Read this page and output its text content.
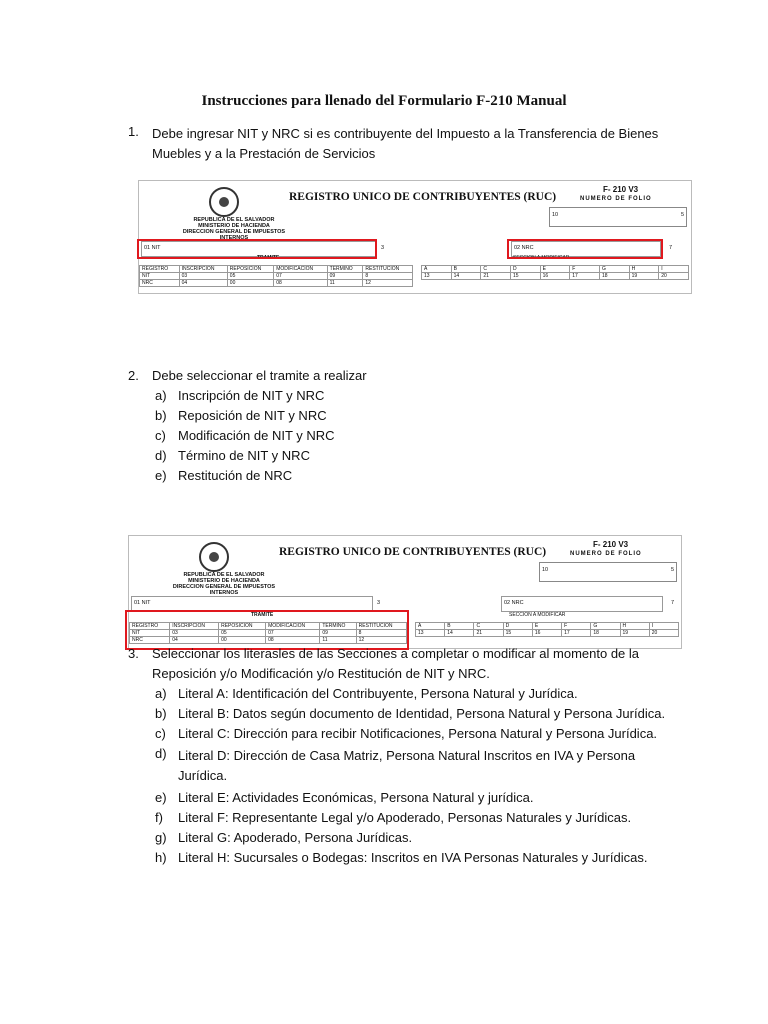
Instrucciones para llenado del Formulario F-210 Manual
1. Debe ingresar NIT y NRC si es contribuyente del Impuesto a la Transferencia de Bienes Muebles y a la Prestación de Servicios
REPUBLICA DE EL SALVADOR
MINISTERIO DE HACIENDA
DIRECCION GENERAL DE IMPUESTOS INTERNOS
REGISTRO UNICO DE CONTRIBUYENTES (RUC)
F- 210 V3
NUMERO DE FOLIO
10	5
01 NIT	3	02 NRC	7
TRAMITE	SECCION A MODIFICAR
REGISTRO	INSCRIPCION	REPOSICION	MODIFICACION	TERMINO	RESTITUCION
NIT	03	05	07	09	8
NRC	04	00	08	11	12
A	B	C	D	E	F	G	H	I
13	14	21	15	16	17	18	19	20
2. Debe seleccionar el tramite a realizar
a) Inscripción de NIT y NRC
b) Reposición de NIT y NRC
c) Modificación de NIT y NRC
d) Término de NIT y NRC
e) Restitución de NRC
REPUBLICA DE EL SALVADOR
MINISTERIO DE HACIENDA
DIRECCION GENERAL DE IMPUESTOS INTERNOS
REGISTRO UNICO DE CONTRIBUYENTES (RUC)
F- 210 V3
NUMERO DE FOLIO
10	5
01 NIT	3	02 NRC	7
TRAMITE	SECCION A MODIFICAR
REGISTRO	INSCRIPCION	REPOSICION	MODIFICACION	TERMINO	RESTITUCION
NIT	03	05	07	09	8
NRC	04	00	08	11	12
A	B	C	D	E	F	G	H	I
13	14	21	15	16	17	18	19	20
3. Seleccionar los literasles de las Secciones a completar o modificar al momento de la Reposición y/o Modificación y/o Restitución de NIT y NRC.
a) Literal A: Identificación del Contribuyente, Persona Natural y Jurídica.
b) Literal B: Datos según documento de Identidad, Persona Natural y Persona Jurídica.
c) Literal C: Dirección para recibir Notificaciones, Persona Natural y Persona Jurídica.
d) Literal D: Dirección de Casa Matriz, Persona Natural Inscritos en IVA y Persona Jurídica.
e) Literal E: Actividades Económicas, Persona Natural y jurídica.
f) Literal F: Representante Legal y/o Apoderado, Personas Naturales y Jurídicas.
g) Literal G: Apoderado, Persona Jurídicas.
h) Literal H: Sucursales o Bodegas: Inscritos en IVA Personas Naturales y Jurídicas.
